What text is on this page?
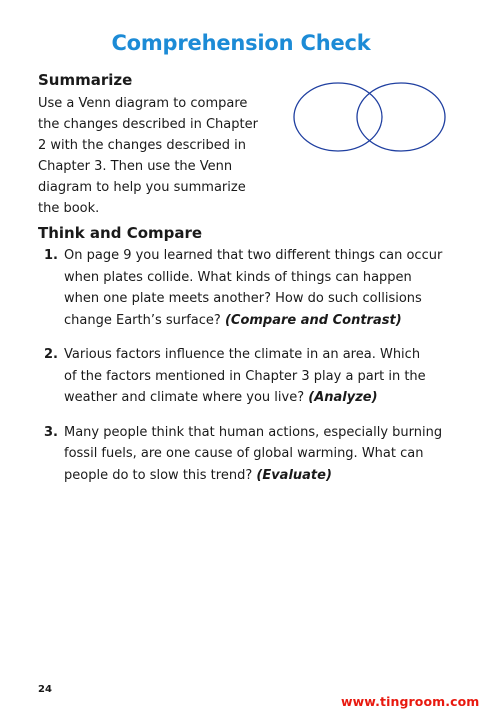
Comprehension Check
Summarize

Use a Venn diagram to compare
the changes described in Chapter
2 with the changes described in
Chapter 3. Then use the Venn
diagram to help you summarize
the book.

Think and Compare
1. On page 9 you learned that two different things can occur
when plates collide. What kinds of things can happen
when one plate meets another? How do such collisions
change Earth’s surface? (Compare and Contrast)
2. Various factors influence the climate in an area. Which
of the factors mentioned in Chapter 3 play a part in the
weather and climate where you live? (Analyze)
3. Many people think that human actions, especially burning
fossil fuels, are one cause of global warming. What can
people do to slow this trend? (Evaluate)
24
www.tingroom.com
